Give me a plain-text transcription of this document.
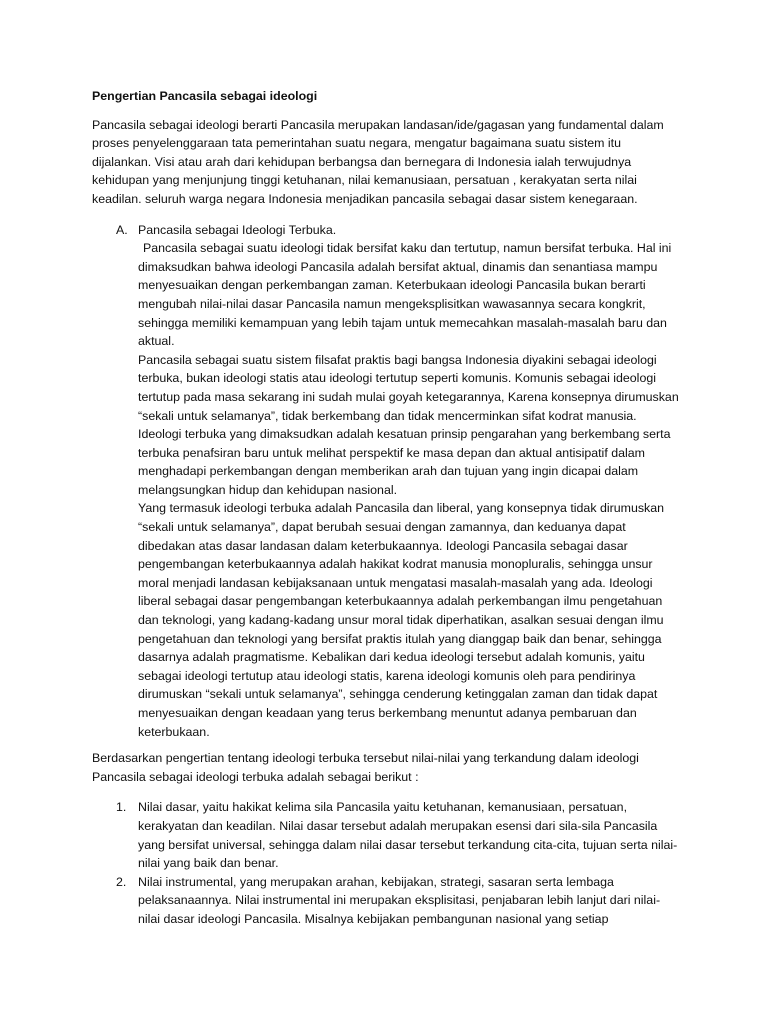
Pengertian Pancasila sebagai ideologi

Pancasila sebagai ideologi berarti Pancasila merupakan landasan/ide/gagasan yang fundamental dalam proses penyelenggaraan tata pemerintahan suatu negara, mengatur bagaimana suatu sistem itu dijalankan. Visi atau arah dari kehidupan berbangsa dan bernegara di Indonesia ialah terwujudnya kehidupan yang menjunjung tinggi ketuhanan, nilai kemanusiaan, persatuan , kerakyatan serta nilai keadilan. seluruh warga negara Indonesia menjadikan pancasila sebagai dasar sistem kenegaraan.

A. Pancasila sebagai Ideologi Terbuka.

Pancasila sebagai suatu ideologi tidak bersifat kaku dan tertutup, namun bersifat terbuka. Hal ini dimaksudkan bahwa ideologi Pancasila adalah bersifat aktual, dinamis dan senantiasa mampu menyesuaikan dengan perkembangan zaman. Keterbukaan ideologi Pancasila bukan berarti mengubah nilai-nilai dasar Pancasila namun mengeksplisitkan wawasannya secara kongkrit, sehingga memiliki kemampuan yang lebih tajam untuk memecahkan masalah-masalah baru dan aktual.

Pancasila sebagai suatu sistem filsafat praktis bagi bangsa Indonesia diyakini sebagai ideologi terbuka, bukan ideologi statis atau ideologi tertutup seperti komunis. Komunis sebagai ideologi tertutup pada masa sekarang ini sudah mulai goyah ketegarannya, Karena konsepnya dirumuskan “sekali untuk selamanya”, tidak berkembang dan tidak mencerminkan sifat kodrat manusia. Ideologi terbuka yang dimaksudkan adalah kesatuan prinsip pengarahan yang berkembang serta terbuka penafsiran baru untuk melihat perspektif ke masa depan dan aktual antisipatif dalam menghadapi perkembangan dengan memberikan arah dan tujuan yang ingin dicapai dalam melangsungkan hidup dan kehidupan nasional.

Yang termasuk ideologi terbuka adalah Pancasila dan liberal, yang konsepnya tidak dirumuskan “sekali untuk selamanya”, dapat berubah sesuai dengan zamannya, dan keduanya dapat dibedakan atas dasar landasan dalam keterbukaannya. Ideologi Pancasila sebagai dasar pengembangan keterbukaannya adalah hakikat kodrat manusia monopluralis, sehingga unsur moral menjadi landasan kebijaksanaan untuk mengatasi masalah-masalah yang ada. Ideologi liberal sebagai dasar pengembangan keterbukaannya adalah perkembangan ilmu pengetahuan dan teknologi, yang kadang-kadang unsur moral tidak diperhatikan, asalkan sesuai dengan ilmu pengetahuan dan teknologi yang bersifat praktis itulah yang dianggap baik dan benar, sehingga dasarnya adalah pragmatisme. Kebalikan dari kedua ideologi tersebut adalah komunis, yaitu sebagai ideologi tertutup atau ideologi statis, karena ideologi komunis oleh para pendirinya dirumuskan “sekali untuk selamanya”, sehingga cenderung ketinggalan zaman dan tidak dapat menyesuaikan dengan keadaan yang terus berkembang menuntut adanya pembaruan dan keterbukaan.

Berdasarkan pengertian tentang ideologi terbuka tersebut nilai-nilai yang terkandung dalam ideologi Pancasila sebagai ideologi terbuka adalah sebagai berikut :

1. Nilai dasar, yaitu hakikat kelima sila Pancasila yaitu ketuhanan, kemanusiaan, persatuan, kerakyatan dan keadilan. Nilai dasar tersebut adalah merupakan esensi dari sila-sila Pancasila yang bersifat universal, sehingga dalam nilai dasar tersebut terkandung cita-cita, tujuan serta nilai-nilai yang baik dan benar.

2. Nilai instrumental, yang merupakan arahan, kebijakan, strategi, sasaran serta lembaga pelaksanaannya. Nilai instrumental ini merupakan eksplisitasi, penjabaran lebih lanjut dari nilai-nilai dasar ideologi Pancasila. Misalnya kebijakan pembangunan nasional yang setiap
